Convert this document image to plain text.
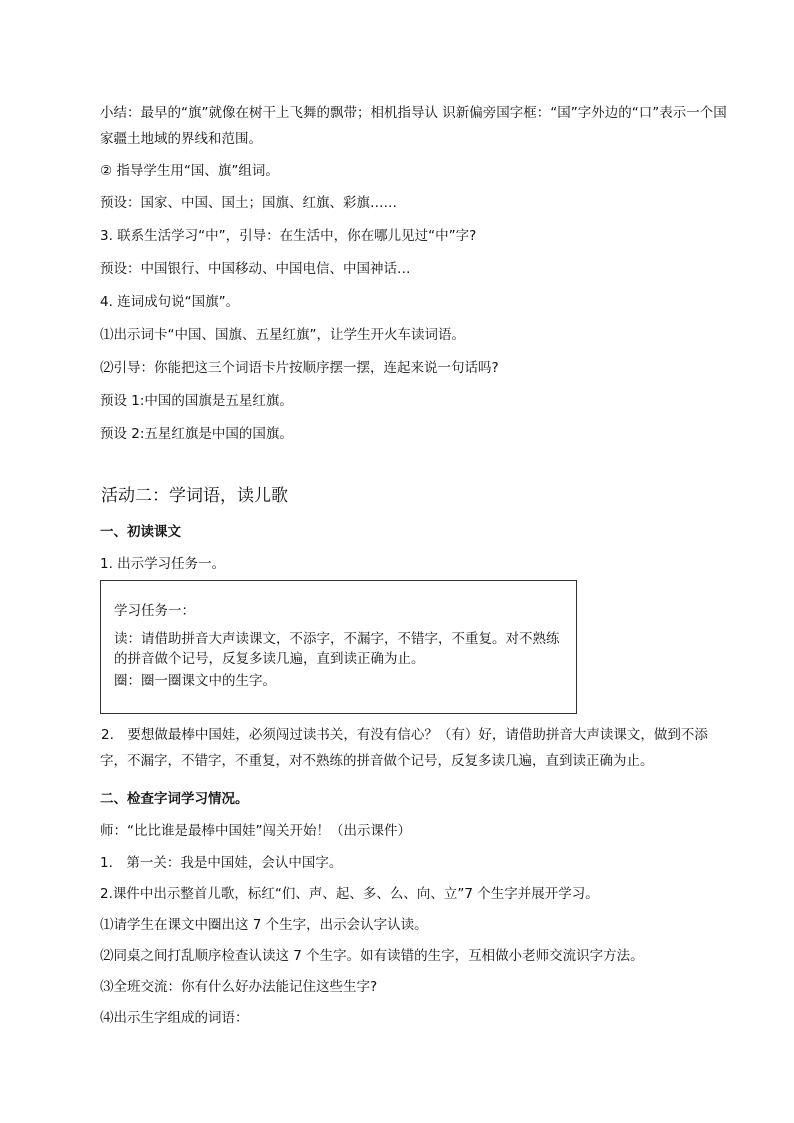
小结：最早的“旗”就像在树干上飞舞的飘带；相机指导认 识新偏旁国字框：“国”字外边的“口”表示一个国家疆土地域的界线和范围。
② 指导学生用“国、旗”组词。
预设：国家、中国、国土；国旗、红旗、彩旗……
3. 联系生活学习“中”，引导：在生活中，你在哪儿见过“中”字?
预设：中国银行、中国移动、中国电信、中国神话…
4. 连词成句说“国旗”。
⑴出示词卡“中国、国旗、五星红旗”，让学生开火车读词语。
⑵引导：你能把这三个词语卡片按顺序摆一摆，连起来说一句话吗?
预设 1:中国的国旗是五星红旗。
预设 2:五星红旗是中国的国旗。
活动二：学词语，读儿歌
一、初读课文
1. 出示学习任务一。
学习任务一：
读：请借助拼音大声读课文，不添字，不漏字，不错字，不重复。对不熟练的拼音做个记号，反复多读几遍，直到读正确为止。
圈：圈一圈课文中的生字。
2.　要想做最棒中国娃，必须闯过读书关，有没有信心？（有）好，请借助拼音大声读课文，做到不添字，不漏字，不错字，不重复，对不熟练的拼音做个记号，反复多读几遍，直到读正确为止。
二、检查字词学习情况。
师：“比比谁是最棒中国娃”闯关开始！（出示课件）
1.　第一关：我是中国娃，会认中国字。
2.课件中出示整首儿歌，标红“们、声、起、多、么、向、立”7 个生字并展开学习。
⑴请学生在课文中圈出这 7 个生字，出示会认字认读。
⑵同桌之间打乱顺序检查认读这 7 个生字。如有读错的生字，互相做小老师交流识字方法。
⑶全班交流：你有什么好办法能记住这些生字?
⑷出示生字组成的词语：
